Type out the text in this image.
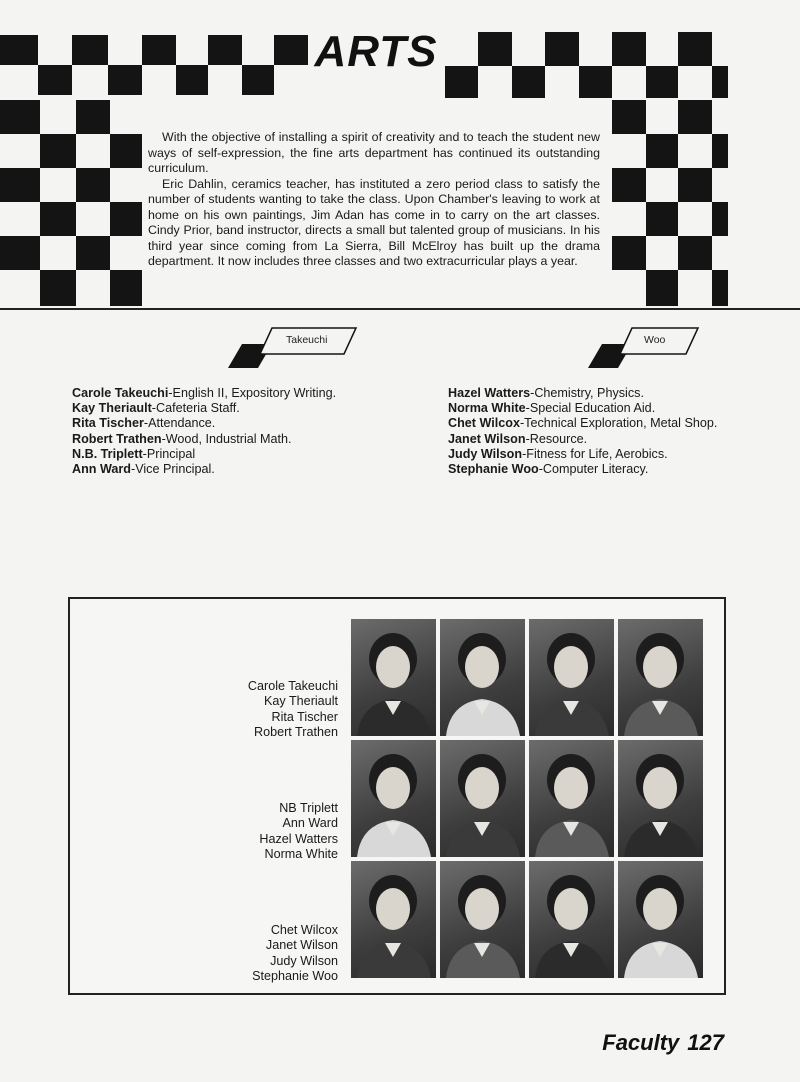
ARTS

With the objective of installing a spirit of creativity and to teach the student new ways of self-expression, the fine arts department has continued its outstanding curriculum.

Eric Dahlin, ceramics teacher, has instituted a zero period class to satisfy the number of students wanting to take the class. Upon Chamber's leaving to work at home on his own paintings, Jim Adan has come in to carry on the art classes. Cindy Prior, band instructor, directs a small but talented group of musicians. In his third year since coming from La Sierra, Bill McElroy has built up the drama department. It now includes three classes and two extracurricular plays a year.

Takeuchi	Woo
Carole Takeuchi-English II, Expository Writing.
Kay Theriault-Cafeteria Staff.
Rita Tischer-Attendance.
Robert Trathen-Wood, Industrial Math.
N.B. Triplett-Principal
Ann Ward-Vice Principal.
Hazel Watters-Chemistry, Physics.
Norma White-Special Education Aid.
Chet Wilcox-Technical Exploration, Metal Shop.
Janet Wilson-Resource.
Judy Wilson-Fitness for Life, Aerobics.
Stephanie Woo-Computer Literacy.
Carole Takeuchi
Kay Theriault
Rita Tischer
Robert Trathen
NB Triplett
Ann Ward
Hazel Watters
Norma White
Chet Wilcox
Janet Wilson
Judy Wilson
Stephanie Woo
Faculty 127
